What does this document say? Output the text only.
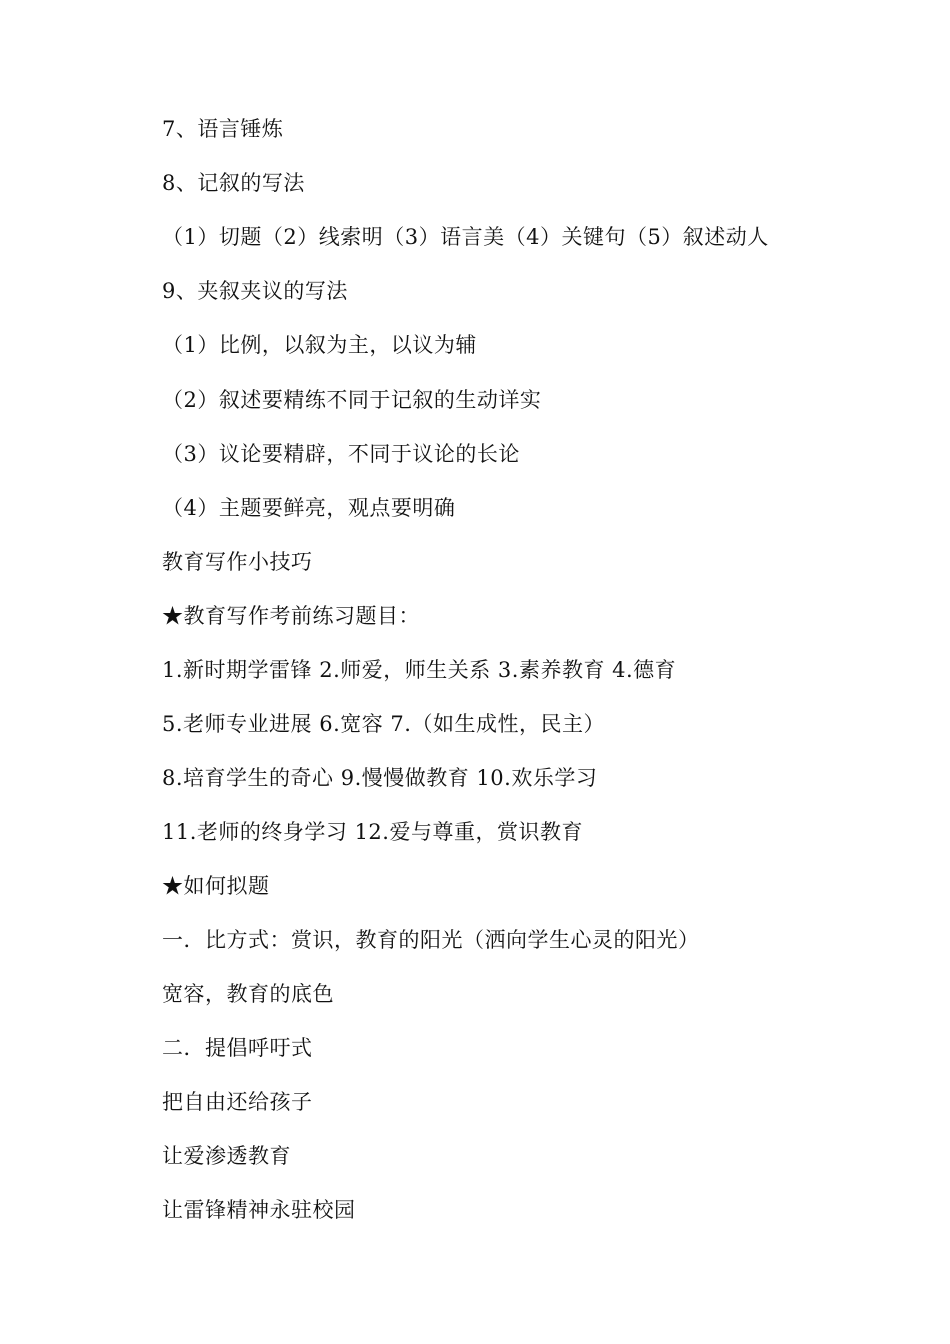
7、语言锤炼
8、记叙的写法
（1）切题（2）线索明（3）语言美（4）关键句（5）叙述动人
9、夹叙夹议的写法
（1）比例，以叙为主，以议为辅
（2）叙述要精练不同于记叙的生动详实
（3）议论要精辟，不同于议论的长论
（4）主题要鲜亮，观点要明确
教育写作小技巧
★教育写作考前练习题目：
1.新时期学雷锋 2.师爱，师生关系 3.素养教育 4.德育
5.老师专业进展 6.宽容 7.（如生成性，民主）
8.培育学生的奇心 9.慢慢做教育 10.欢乐学习
11.老师的终身学习 12.爱与尊重，赏识教育
★如何拟题
一．比方式：赏识，教育的阳光（洒向学生心灵的阳光）
宽容，教育的底色
二．提倡呼吁式
把自由还给孩子
让爱渗透教育
让雷锋精神永驻校园
